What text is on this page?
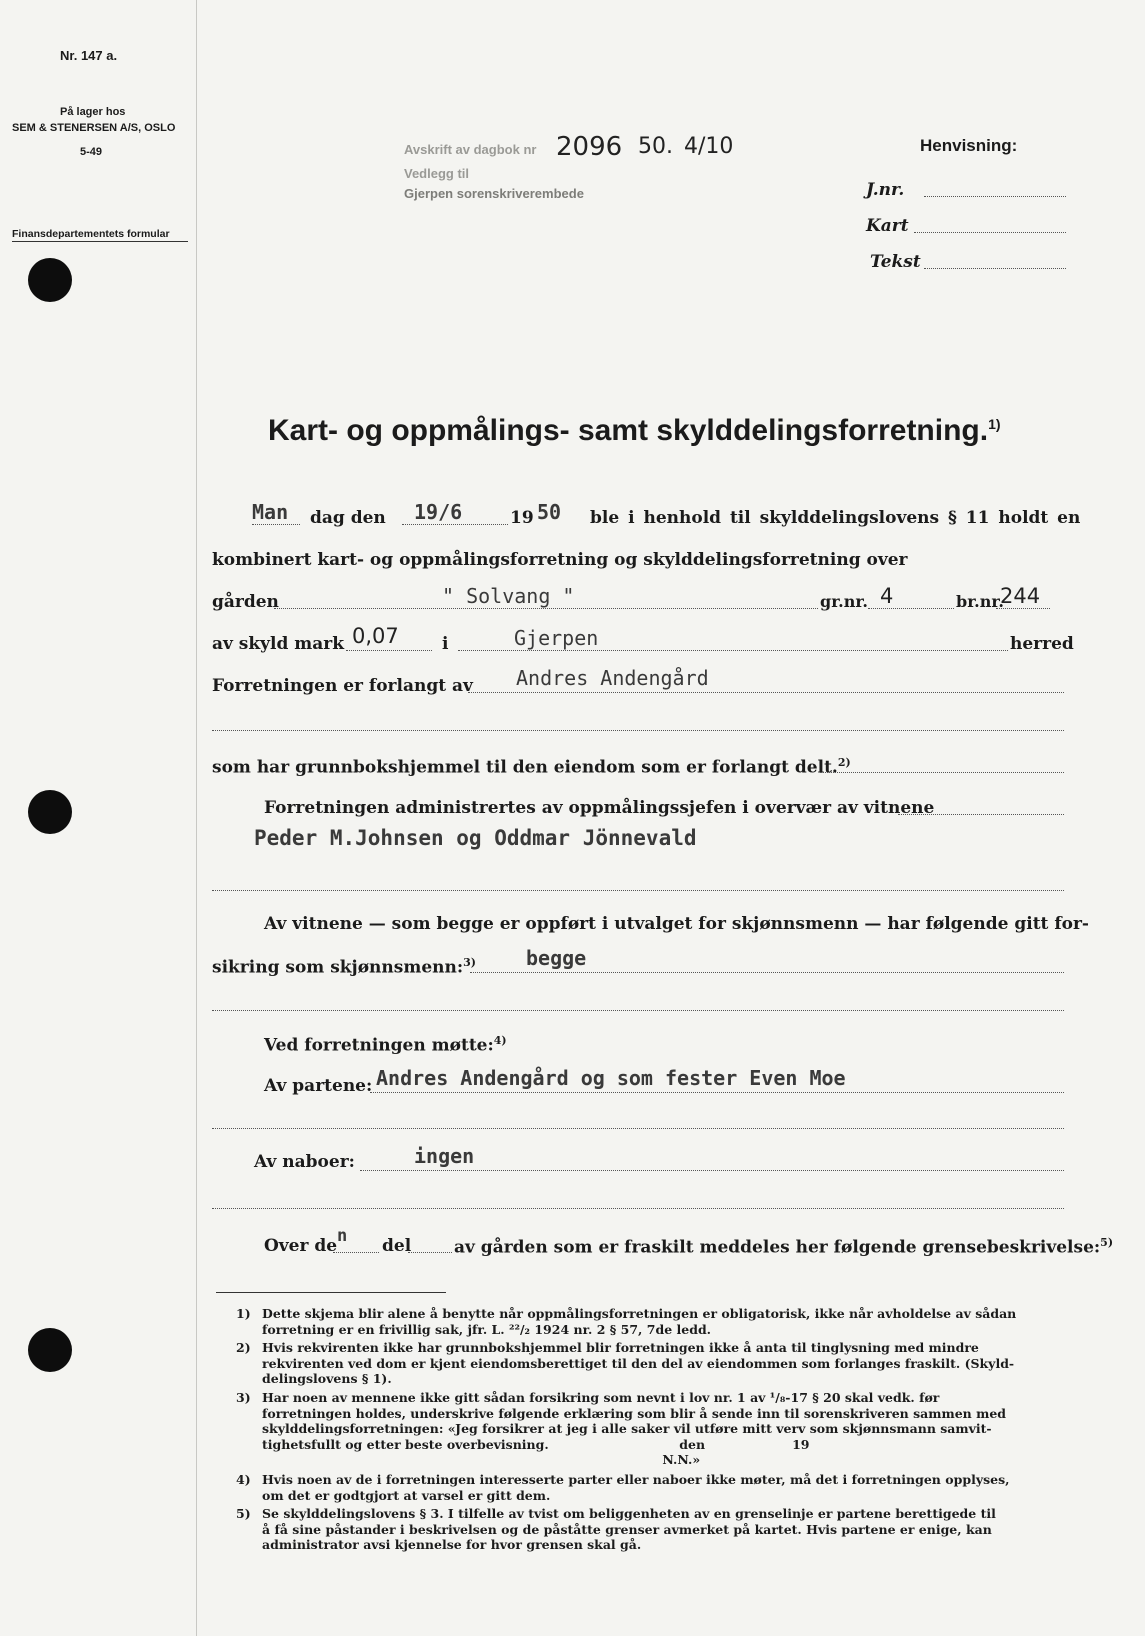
Nr. 147 a.
På lager hos
SEM & STENERSEN A/S, OSLO
5-49
Finansdepartementets formular
Avskrift av dagbok nr
Vedlegg til
Gjerpen sorenskriverembede
2096 50. 4/10	Henvisning:
J.nr.
Kart
Tekst
Kart- og oppmålings- samt skylddelingsforretning.$^{1)}$
Man dag den 19/6	19 50 ble i henhold til skylddelingslovens § 11 holdt en
kombinert kart- og oppmålingsforretning og skylddelingsforretning over
gården	" Solvang "	gr.nr. 4	br.nr.
244
av skyld mark 0,07	i	Gjerpen	herred
Forretningen er forlangt av Andres Andengård
som har grunnbokshjemmel til den eiendom som er forlangt delt.$^{2)}$
Forretningen administrertes av oppmålingssjefen i overvær av vitnene
Peder M.Johnsen og Oddmar Jönnevald
Av vitnene — som begge er oppført i utvalget for skjønnsmenn — har følgende gitt for-
sikring som skjønnsmenn:$^{3)}$	begge
Ved forretningen møtte:$^{4)}$
Av partene: Andres Andengård og som fester Even Moe
Av naboer:	ingen
Over de n del	av gården som er fraskilt meddeles her følgende grensebeskrivelse:$^{5)}$
1) Dette skjema blir alene å benytte når oppmålingsforretningen er obligatorisk, ikke når avholdelse av sådan
forretning er en frivillig sak, jfr. L. ²²/₂ 1924 nr. 2 § 57, 7de ledd.
2) Hvis rekvirenten ikke har grunnbokshjemmel blir forretningen ikke å anta til tinglysning med mindre
rekvirenten ved dom er kjent eiendomsberettiget til den del av eiendommen som forlanges fraskilt. (Skyld-
delingslovens § 1).
3) Har noen av mennene ikke gitt sådan forsikring som nevnt i lov nr. 1 av ¹/₈-17 § 20 skal vedk. før
forretningen holdes, underskrive følgende erklæring som blir å sende inn til sorenskriveren sammen med
skylddelingsforretningen: «Jeg forsikrer at jeg i alle saker vil utføre mitt verv som skjønnsmann samvit-
tighetsfullt og etter beste overbevisning.                              den                    19
N.N.»
4) Hvis noen av de i forretningen interesserte parter eller naboer ikke møter, må det i forretningen opplyses,
om det er godtgjort at varsel er gitt dem.
5) Se skylddelingslovens § 3. I tilfelle av tvist om beliggenheten av en grenselinje er partene berettigede til
å få sine påstander i beskrivelsen og de påståtte grenser avmerket på kartet. Hvis partene er enige, kan
administrator avsi kjennelse for hvor grensen skal gå.
